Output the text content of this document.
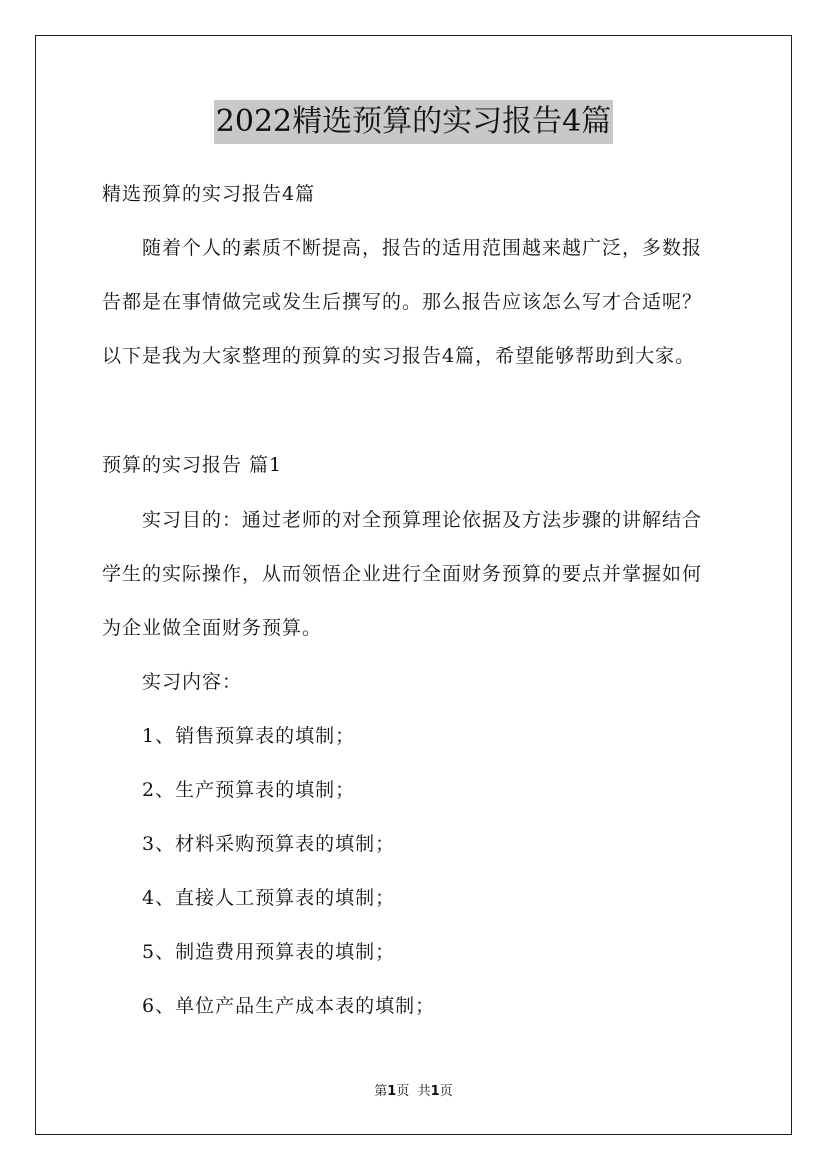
2022精选预算的实习报告4篇
精选预算的实习报告4篇
随着个人的素质不断提高，报告的适用范围越来越广泛，多数报
告都是在事情做完或发生后撰写的。那么报告应该怎么写才合适呢？
以下是我为大家整理的预算的实习报告4篇，希望能够帮助到大家。
预算的实习报告 篇1
实习目的：通过老师的对全预算理论依据及方法步骤的讲解结合
学生的实际操作，从而领悟企业进行全面财务预算的要点并掌握如何
为企业做全面财务预算。
实习内容：
1、销售预算表的填制；
2、生产预算表的填制；
3、材料采购预算表的填制；
4、直接人工预算表的填制；
5、制造费用预算表的填制；
6、单位产品生产成本表的填制；
第1页 共1页
